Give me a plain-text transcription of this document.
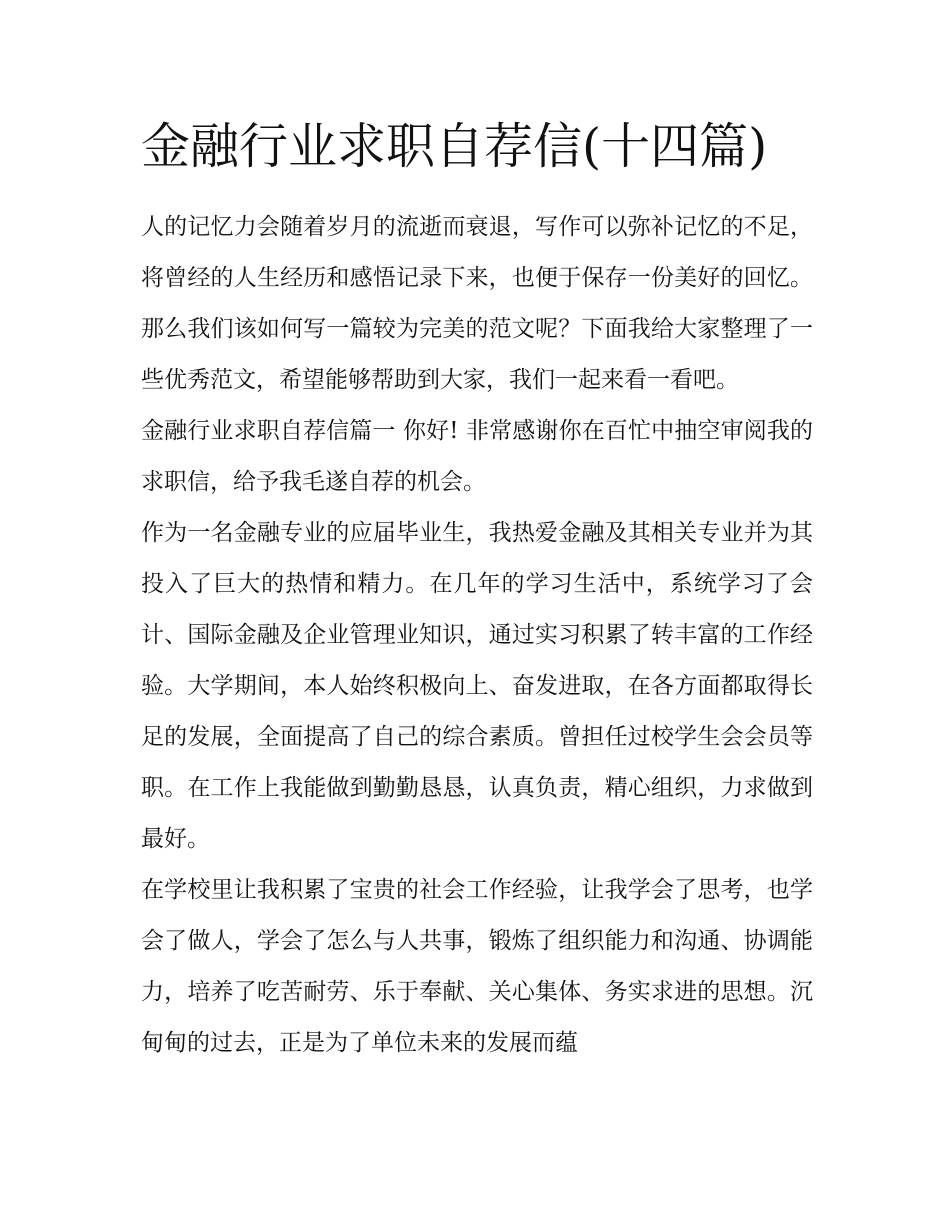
金融行业求职自荐信(十四篇)

人的记忆力会随着岁月的流逝而衰退，写作可以弥补记忆的不足，将曾经的人生经历和感悟记录下来，也便于保存一份美好的回忆。那么我们该如何写一篇较为完美的范文呢？下面我给大家整理了一些优秀范文，希望能够帮助到大家，我们一起来看一看吧。

金融行业求职自荐信篇一 你好! 非常感谢你在百忙中抽空审阅我的求职信，给予我毛遂自荐的机会。

作为一名金融专业的应届毕业生，我热爱金融及其相关专业并为其投入了巨大的热情和精力。在几年的学习生活中，系统学习了会计、国际金融及企业管理业知识，通过实习积累了转丰富的工作经验。大学期间，本人始终积极向上、奋发进取，在各方面都取得长足的发展，全面提高了自己的综合素质。曾担任过校学生会会员等职。在工作上我能做到勤勤恳恳，认真负责，精心组织，力求做到最好。

在学校里让我积累了宝贵的社会工作经验，让我学会了思考，也学会了做人，学会了怎么与人共事，锻炼了组织能力和沟通、协调能力，培养了吃苦耐劳、乐于奉献、关心集体、务实求进的思想。沉甸甸的过去，正是为了单位未来的发展而蕴
